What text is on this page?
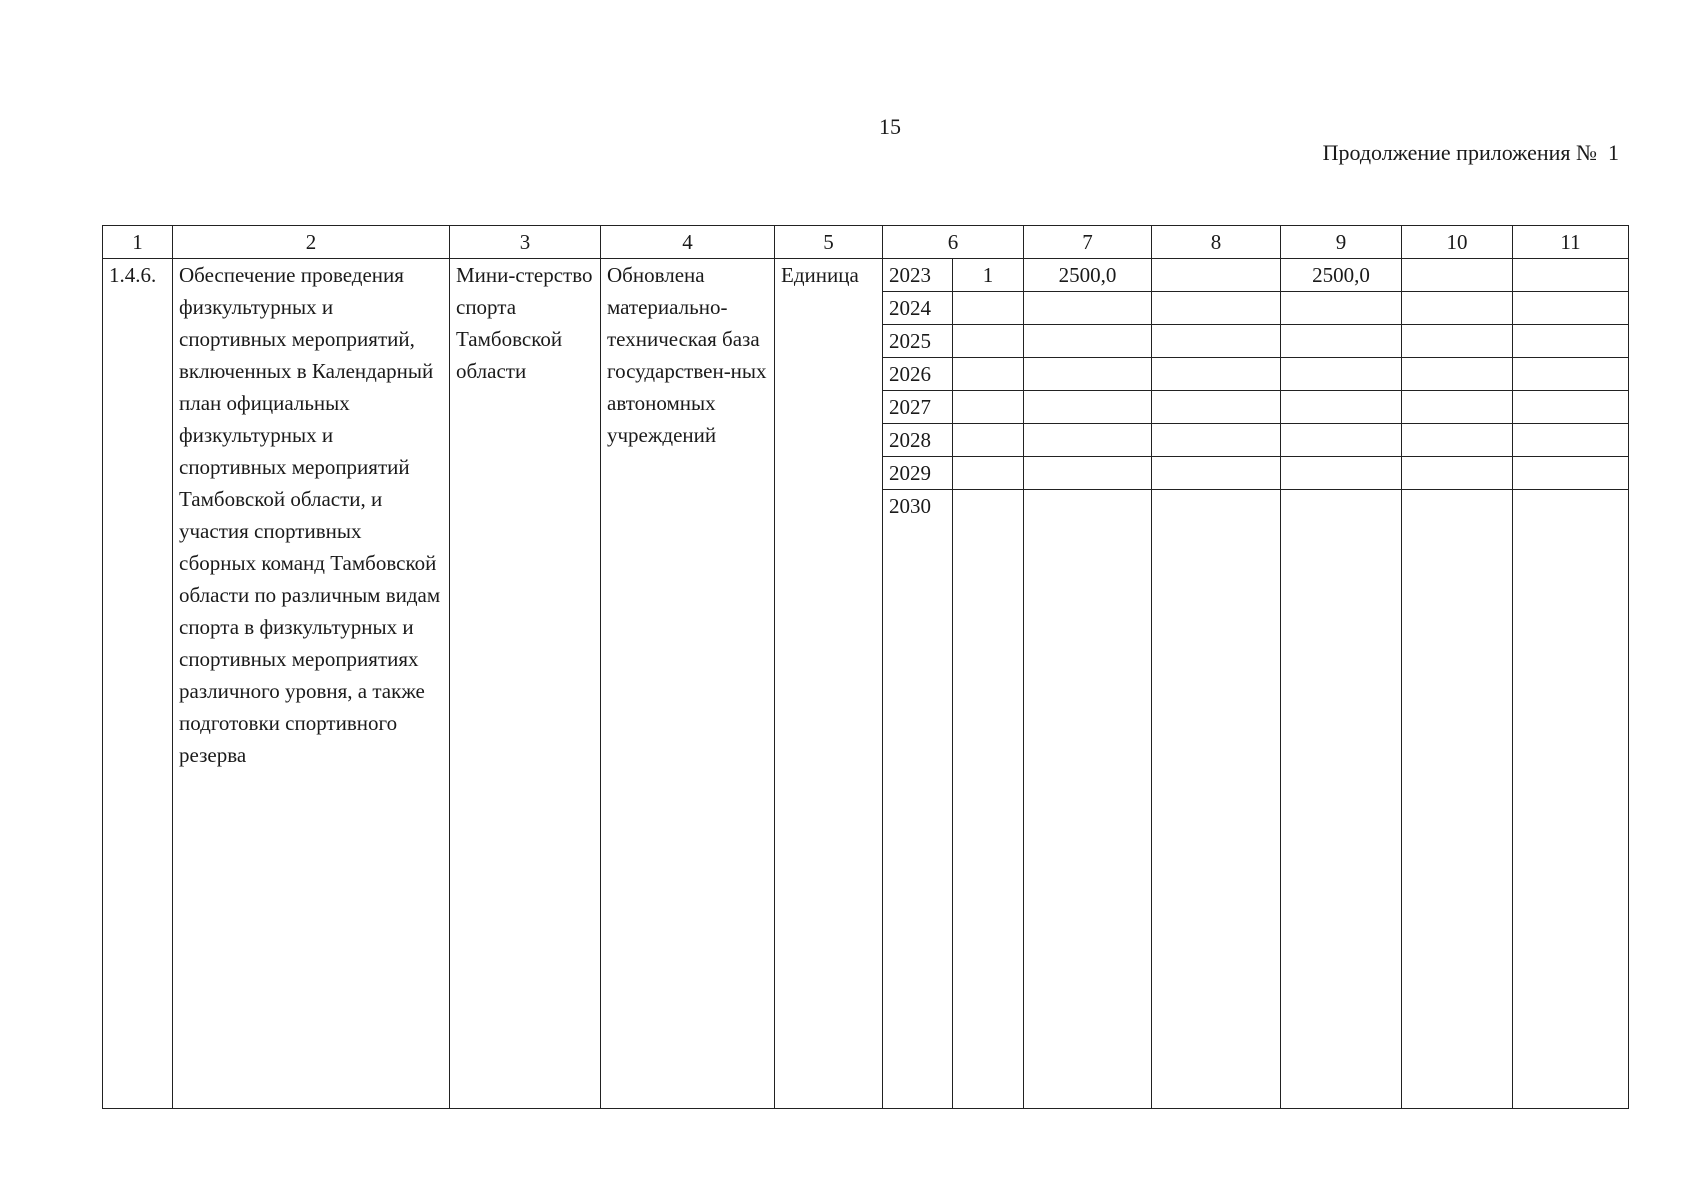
15
Продолжение приложения №  1
1	2	3	4	5	6		7	8	9	10	11
1.4.6.	Обеспечение проведения физкультурных и спортивных мероприятий, включенных в Календарный план официальных физкультурных и спортивных мероприятий Тамбовской области, и участия спортивных сборных команд Тамбовской области по различным видам спорта в физкультурных и спортивных мероприятиях различного уровня, а также подготовки спортивного резерва	Мини-стерство спорта Тамбовской области	Обновлена материально-техническая база государствен-ных автономных учреждений	Единица	2023	1	2500,0		2500,0		
					2024						
					2025						
					2026						
					2027						
					2028						
					2029						
					2030						
